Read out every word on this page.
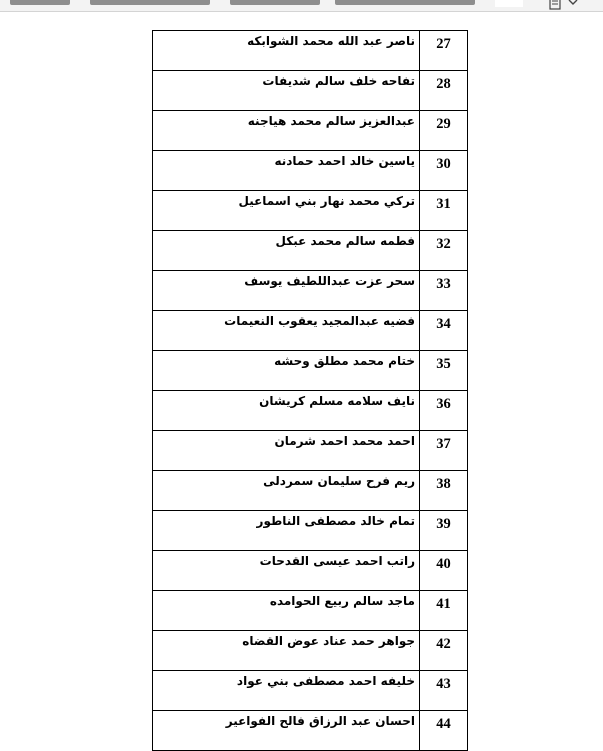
ناصر عبد الله محمد الشوابكه	27
تفاحه خلف سالم شديفات	28
عبدالعزيز سالم محمد هياجنه	29
ياسين خالد احمد حمادنه	30
تركي محمد نهار بني اسماعيل	31
فطمه سالم محمد عبكل	32
سحر عزت عبداللطيف يوسف	33
فضيه عبدالمجيد يعقوب النعيمات	34
ختام محمد مطلق وحشه	35
نايف سلامه مسلم كريشان	36
احمد محمد احمد شرمان	37
ريم فرح سليمان سمردلى	38
تمام خالد مصطفى الناطور	39
راتب احمد عيسى القدحات	40
ماجد سالم ربيع الحوامده	41
جواهر حمد عناد عوض القضاه	42
خليفه احمد مصطفى بني عواد	43
احسان عبد الرزاق فالح الفواعير	44
